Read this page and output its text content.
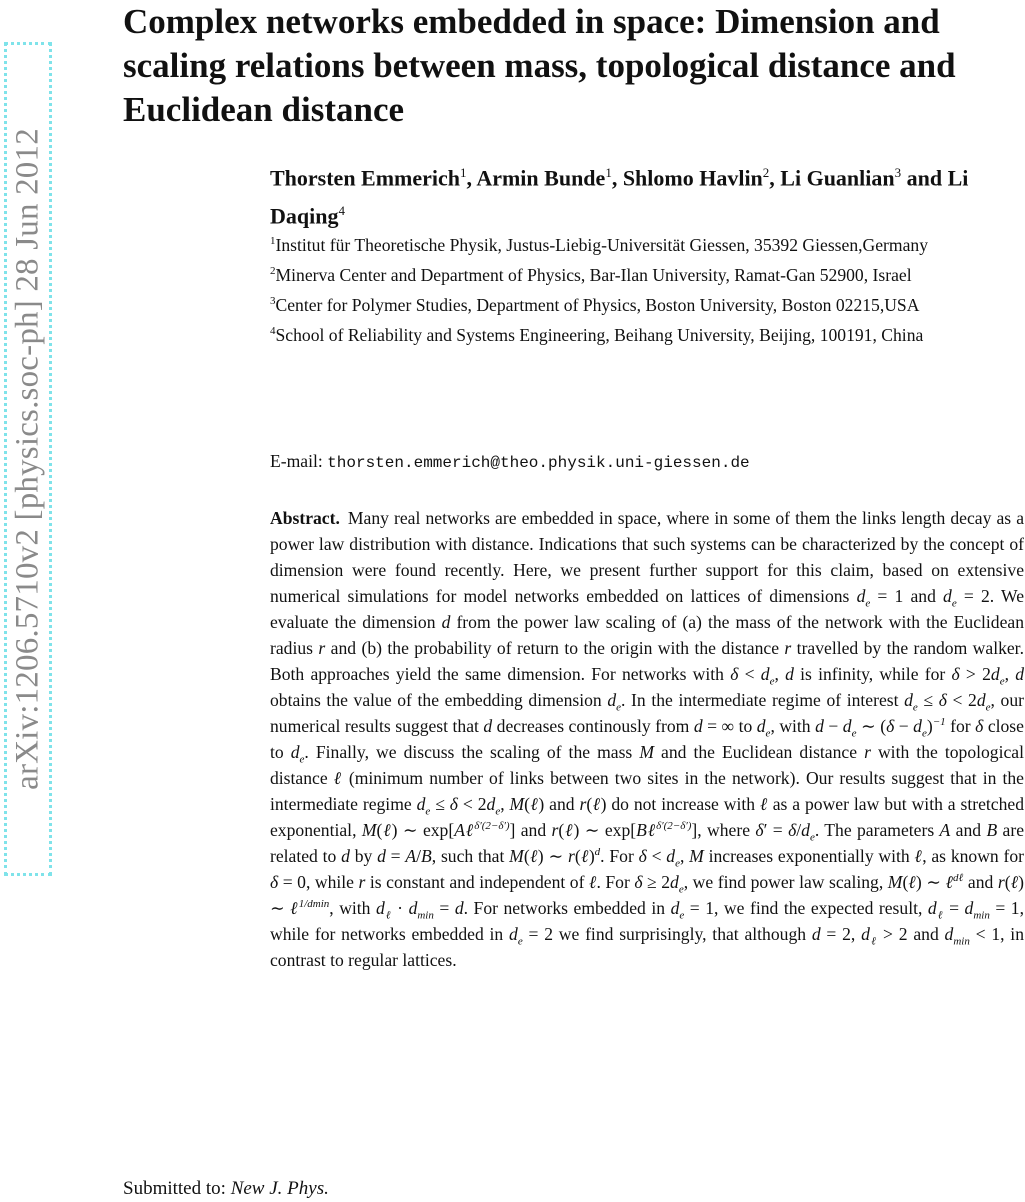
arXiv:1206.5710v2 [physics.soc-ph] 28 Jun 2012
Complex networks embedded in space: Dimension and scaling relations between mass, topological distance and Euclidean distance
Thorsten Emmerich$^1$, Armin Bunde$^1$, Shlomo Havlin$^2$, Li Guanlian$^3$ and Li Daqing$^4$

$^1$Institut für Theoretische Physik, Justus-Liebig-Universität Giessen, 35392 Giessen,Germany

$^2$Minerva Center and Department of Physics, Bar-Ilan University, Ramat-Gan 52900, Israel

$^3$Center for Polymer Studies, Department of Physics, Boston University, Boston 02215,USA

$^4$School of Reliability and Systems Engineering, Beihang University, Beijing, 100191, China

E-mail: thorsten.emmerich@theo.physik.uni-giessen.de

Abstract. Many real networks are embedded in space, where in some of them the links length decay as a power law distribution with distance. Indications that such systems can be characterized by the concept of dimension were found recently. Here, we present further support for this claim, based on extensive numerical simulations for model networks embedded on lattices of dimensions $d_e = 1$ and $d_e = 2$. We evaluate the dimension d from the power law scaling of (a) the mass of the network with the Euclidean radius r and (b) the probability of return to the origin with the distance r travelled by the random walker. Both approaches yield the same dimension. For networks with $\delta < d_e$, d is infinity, while for $\delta > 2d_e$, d obtains the value of the embedding dimension $d_e$. In the intermediate regime of interest $d_e \le \delta < 2d_e$, our numerical results suggest that d decreases continously from d = ∞ to $d_e$, with $d - d_e$ ∼ $(\delta - d_e)^{-1}$ for δ close to $d_e$. Finally, we discuss the scaling of the mass M and the Euclidean distance r with the topological distance ℓ (minimum number of links between two sites in the network). Our results suggest that in the intermediate regime $d_e \le \delta < 2d_e$, M(ℓ) and r(ℓ) do not increase with ℓ as a power law but with a stretched exponential, M(ℓ) ∼ exp[Aℓ$^{\delta'(2-\delta')}$] and r(ℓ) ∼ exp[Bℓ$^{\delta'(2-\delta')}$], where $\delta' = \delta/d_e$. The parameters A and B are related to d by d = A/B, such that M(ℓ) ∼ r(ℓ)$^d$. For $\delta < d_e$, M increases exponentially with ℓ, as known for δ = 0, while r is constant and independent of ℓ. For $\delta \ge 2d_e$, we find power law scaling, M(ℓ) ∼ ℓ$^{d\ell}$ and r(ℓ) ∼ ℓ$^{1/dmin}$, with $d_\ell \cdot d_{min} = d$. For networks embedded in $d_e = 1$, we find the expected result, $d_\ell = d_{min} = 1$, while for networks embedded in $d_e = 2$ we find surprisingly, that although d = 2, $d_\ell > 2$ and $d_{min} < 1$, in contrast to regular lattices.

Submitted to: New J. Phys.
